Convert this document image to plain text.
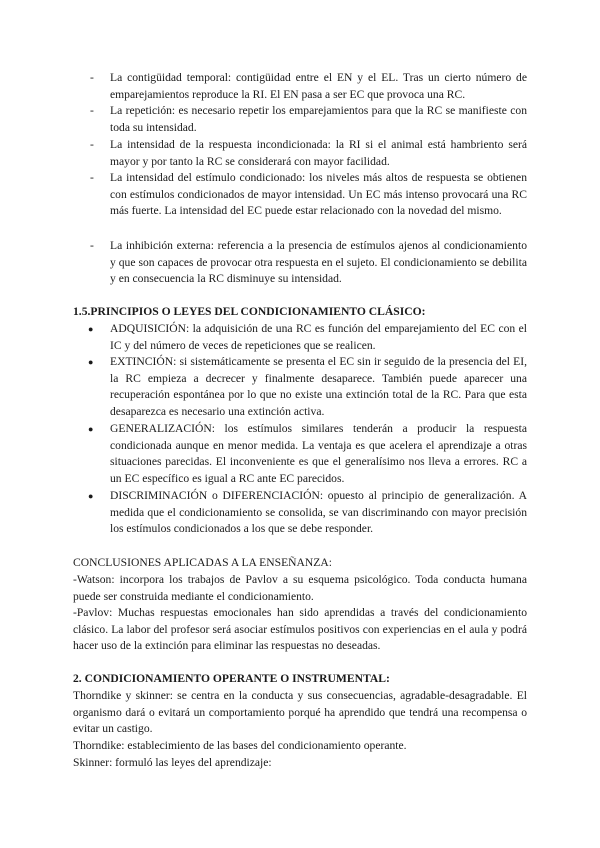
- La contigüidad temporal: contigüidad entre el EN y el EL. Tras un cierto número de emparejamientos reproduce la RI. El EN pasa a ser EC que provoca una RC.
- La repetición: es necesario repetir los emparejamientos para que la RC se manifieste con toda su intensidad.
- La intensidad de la respuesta incondicionada: la RI si el animal está hambriento será mayor y por tanto la RC se considerará con mayor facilidad.
- La intensidad del estímulo condicionado: los niveles más altos de respuesta se obtienen con estímulos condicionados de mayor intensidad. Un EC más intenso provocará una RC más fuerte. La intensidad del EC puede estar relacionado con la novedad del mismo.
- La inhibición externa: referencia a la presencia de estímulos ajenos al condicionamiento y que son capaces de provocar otra respuesta en el sujeto. El condicionamiento se debilita y en consecuencia la RC disminuye su intensidad.
1.5.PRINCIPIOS O LEYES DEL CONDICIONAMIENTO CLÁSICO:
● ADQUISICIÓN: la adquisición de una RC es función del emparejamiento del EC con el IC y del número de veces de repeticiones que se realicen.
● EXTINCIÓN: si sistemáticamente se presenta el EC sin ir seguido de la presencia del EI, la RC empieza a decrecer y finalmente desaparece. También puede aparecer una recuperación espontánea por lo que no existe una extinción total de la RC. Para que esta desaparezca es necesario una extinción activa.
● GENERALIZACIÓN: los estímulos similares tenderán a producir la respuesta condicionada aunque en menor medida. La ventaja es que acelera el aprendizaje a otras situaciones parecidas. El inconveniente es que el generalísimo nos lleva a errores. RC a un EC específico es igual a RC ante EC parecidos.
● DISCRIMINACIÓN o DIFERENCIACIÓN: opuesto al principio de generalización. A medida que el condicionamiento se consolida, se van discriminando con mayor precisión los estímulos condicionados a los que se debe responder.
CONCLUSIONES APLICADAS A LA ENSEÑANZA:
-Watson: incorpora los trabajos de Pavlov a su esquema psicológico. Toda conducta humana puede ser construida mediante el condicionamiento.
-Pavlov: Muchas respuestas emocionales han sido aprendidas a través del condicionamiento clásico. La labor del profesor será asociar estímulos positivos con experiencias en el aula y podrá hacer uso de la extinción para eliminar las respuestas no deseadas.
2. CONDICIONAMIENTO OPERANTE O INSTRUMENTAL:
Thorndike y skinner: se centra en la conducta y sus consecuencias, agradable-desagradable. El organismo dará o evitará un comportamiento porqué ha aprendido que tendrá una recompensa o evitar un castigo.
Thorndike: establecimiento de las bases del condicionamiento operante.
Skinner: formuló las leyes del aprendizaje:
